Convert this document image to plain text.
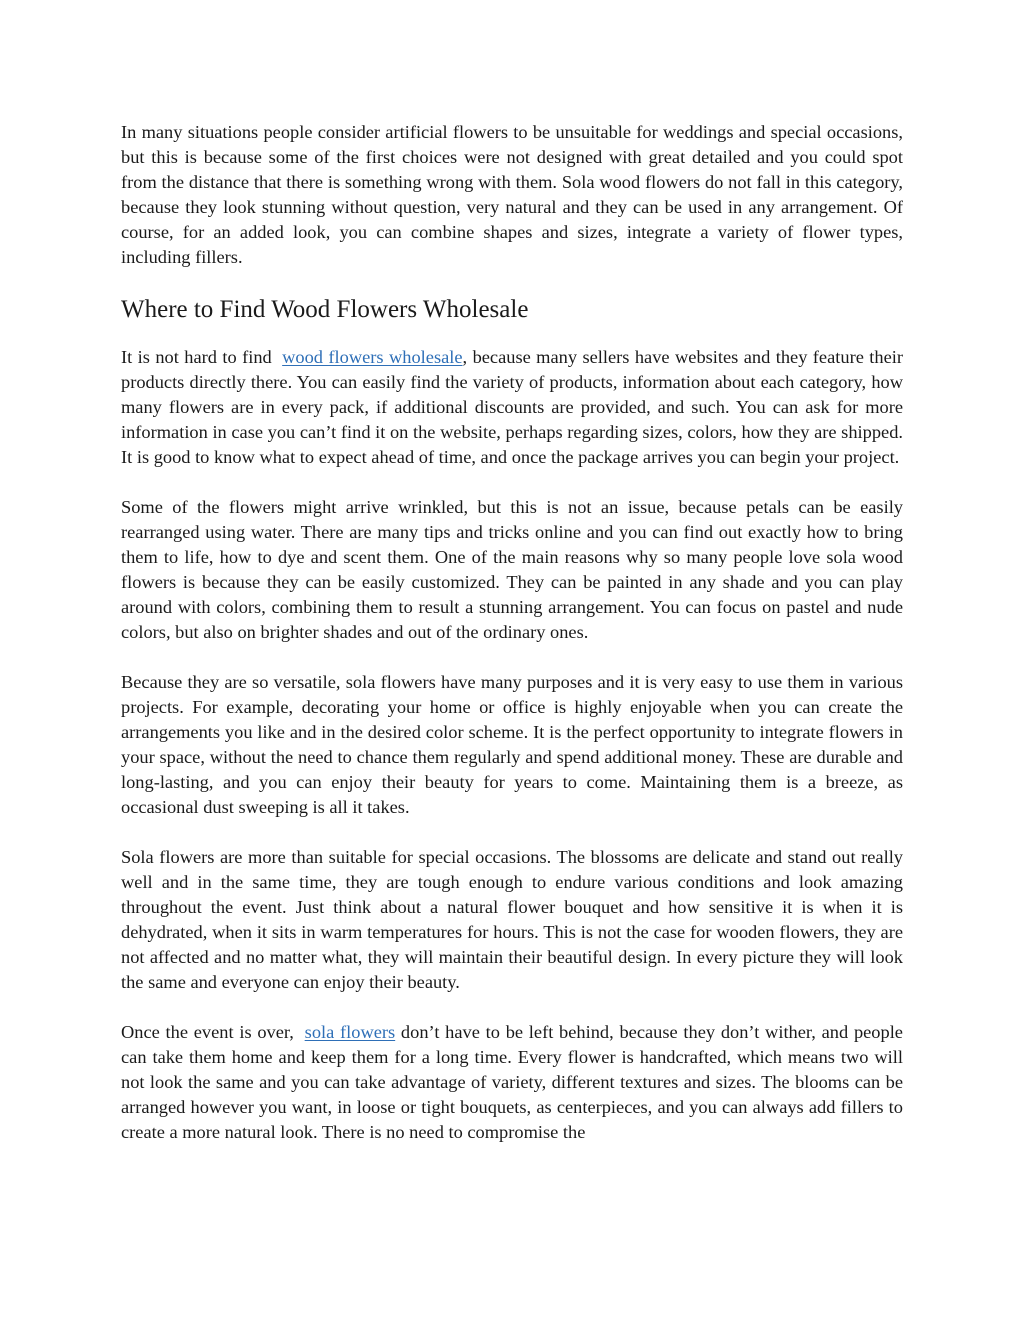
In many situations people consider artificial flowers to be unsuitable for weddings and special occasions, but this is because some of the first choices were not designed with great detailed and you could spot from the distance that there is something wrong with them. Sola wood flowers do not fall in this category, because they look stunning without question, very natural and they can be used in any arrangement. Of course, for an added look, you can combine shapes and sizes, integrate a variety of flower types, including fillers.

Where to Find Wood Flowers Wholesale

It is not hard to find wood flowers wholesale, because many sellers have websites and they feature their products directly there. You can easily find the variety of products, information about each category, how many flowers are in every pack, if additional discounts are provided, and such. You can ask for more information in case you can’t find it on the website, perhaps regarding sizes, colors, how they are shipped. It is good to know what to expect ahead of time, and once the package arrives you can begin your project.

Some of the flowers might arrive wrinkled, but this is not an issue, because petals can be easily rearranged using water. There are many tips and tricks online and you can find out exactly how to bring them to life, how to dye and scent them. One of the main reasons why so many people love sola wood flowers is because they can be easily customized. They can be painted in any shade and you can play around with colors, combining them to result a stunning arrangement. You can focus on pastel and nude colors, but also on brighter shades and out of the ordinary ones.

Because they are so versatile, sola flowers have many purposes and it is very easy to use them in various projects. For example, decorating your home or office is highly enjoyable when you can create the arrangements you like and in the desired color scheme. It is the perfect opportunity to integrate flowers in your space, without the need to chance them regularly and spend additional money. These are durable and long-lasting, and you can enjoy their beauty for years to come. Maintaining them is a breeze, as occasional dust sweeping is all it takes.

Sola flowers are more than suitable for special occasions. The blossoms are delicate and stand out really well and in the same time, they are tough enough to endure various conditions and look amazing throughout the event. Just think about a natural flower bouquet and how sensitive it is when it is dehydrated, when it sits in warm temperatures for hours. This is not the case for wooden flowers, they are not affected and no matter what, they will maintain their beautiful design. In every picture they will look the same and everyone can enjoy their beauty.

Once the event is over, sola flowers don’t have to be left behind, because they don’t wither, and people can take them home and keep them for a long time. Every flower is handcrafted, which means two will not look the same and you can take advantage of variety, different textures and sizes. The blooms can be arranged however you want, in loose or tight bouquets, as centerpieces, and you can always add fillers to create a more natural look. There is no need to compromise the
